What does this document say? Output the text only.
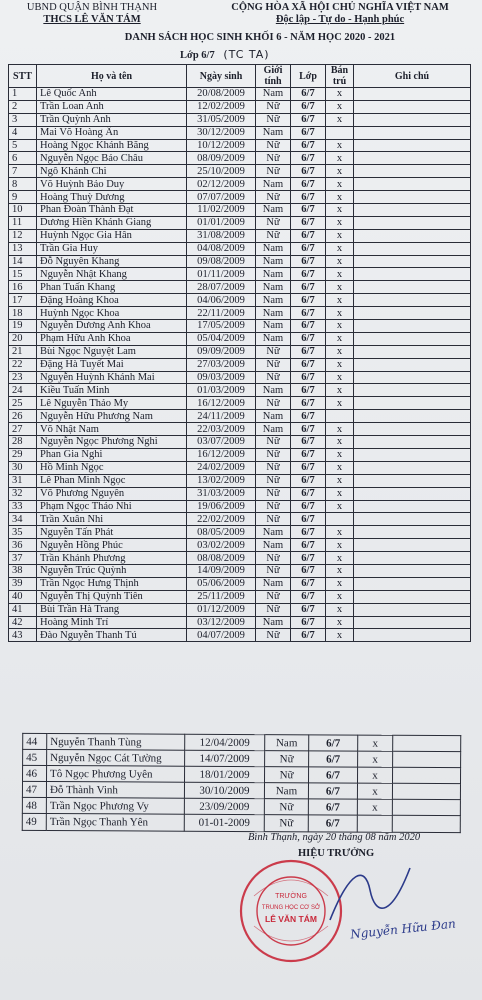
UBND QUẬN BÌNH THẠNH
THCS LÊ VĂN TÁM
CỘNG HÒA XÃ HỘI CHỦ NGHĨA VIỆT NAM
Độc lập - Tự do - Hạnh phúc
DANH SÁCH HỌC SINH KHỐI 6 - NĂM HỌC 2020 - 2021
Lớp 6/7 (TC TA)
STT	Họ và tên	Ngày sinh	Giới tính	Lớp	Bán trú	Ghi chú
1	Lê Quốc Anh	20/08/2009	Nam	6/7	x	
2	Trần Loan Anh	12/02/2009	Nữ	6/7	x	
3	Trần Quỳnh Anh	31/05/2009	Nữ	6/7	x	
4	Mai Võ Hoàng Ân	30/12/2009	Nam	6/7		
5	Hoàng Ngọc Khánh Băng	10/12/2009	Nữ	6/7	x	
6	Nguyễn Ngọc Bảo Châu	08/09/2009	Nữ	6/7	x	
7	Ngô Khánh Chi	25/10/2009	Nữ	6/7	x	
8	Võ Huỳnh Bảo Duy	02/12/2009	Nam	6/7	x	
9	Hoàng Thuỳ Dương	07/07/2009	Nữ	6/7	x	
10	Phan Đoàn Thành Đạt	11/02/2009	Nam	6/7	x	
11	Dương Hiền Khánh Giang	01/01/2009	Nữ	6/7	x	
12	Huỳnh Ngọc Gia Hân	31/08/2009	Nữ	6/7	x	
13	Trần Gia Huy	04/08/2009	Nam	6/7	x	
14	Đỗ Nguyên Khang	09/08/2009	Nam	6/7	x	
15	Nguyễn Nhật Khang	01/11/2009	Nam	6/7	x	
16	Phan Tuấn Khang	28/07/2009	Nam	6/7	x	
17	Đặng Hoàng Khoa	04/06/2009	Nam	6/7	x	
18	Huỳnh Ngọc Khoa	22/11/2009	Nam	6/7	x	
19	Nguyễn Dương Anh Khoa	17/05/2009	Nam	6/7	x	
20	Phạm Hữu Anh Khoa	05/04/2009	Nam	6/7	x	
21	Bùi Ngọc Nguyệt Lam	09/09/2009	Nữ	6/7	x	
22	Đặng Hà Tuyết Mai	27/03/2009	Nữ	6/7	x	
23	Nguyễn Huỳnh Khánh Mai	09/03/2009	Nữ	6/7	x	
24	Kiều Tuấn Minh	01/03/2009	Nam	6/7	x	
25	Lê Nguyễn Thảo My	16/12/2009	Nữ	6/7	x	
26	Nguyễn Hữu Phương Nam	24/11/2009	Nam	6/7		
27	Võ Nhật Nam	22/03/2009	Nam	6/7	x	
28	Nguyễn Ngọc Phương Nghi	03/07/2009	Nữ	6/7	x	
29	Phan Gia Nghi	16/12/2009	Nữ	6/7	x	
30	Hồ Minh Ngọc	24/02/2009	Nữ	6/7	x	
31	Lê Phan Minh Ngọc	13/02/2009	Nữ	6/7	x	
32	Võ Phương Nguyên	31/03/2009	Nữ	6/7	x	
33	Phạm Ngọc Thảo Nhi	19/06/2009	Nữ	6/7	x	
34	Trần Xuân Nhi	22/02/2009	Nữ	6/7		
35	Nguyễn Tấn Phát	08/05/2009	Nam	6/7	x	
36	Nguyễn Hồng Phúc	03/02/2009	Nam	6/7	x	
37	Trần Khánh Phương	08/08/2009	Nữ	6/7	x	
38	Nguyễn Trúc Quỳnh	14/09/2009	Nữ	6/7	x	
39	Trần Ngọc Hưng Thịnh	05/06/2009	Nam	6/7	x	
40	Nguyễn Thị Quỳnh Tiên	25/11/2009	Nữ	6/7	x	
41	Bùi Trần Hà Trang	01/12/2009	Nữ	6/7	x	
42	Hoàng Minh Trí	03/12/2009	Nam	6/7	x	
43	Đào Nguyễn Thanh Tú	04/07/2009	Nữ	6/7	x	
44	Nguyễn Thanh Tùng	12/04/2009	Nam	6/7	x	
45	Nguyễn Ngọc Cát Tường	14/07/2009	Nữ	6/7	x	
46	Tô Ngọc Phương Uyên	18/01/2009	Nữ	6/7	x	
47	Đỗ Thành Vinh	30/10/2009	Nam	6/7	x	
48	Trần Ngọc Phương Vy	23/09/2009	Nữ	6/7	x	
49	Trần Ngọc Thanh Yên	01-01-2009	Nữ	6/7		
Bình Thạnh, ngày 20 tháng 08 năm 2020
HIỆU TRƯỞNG
TRƯỜNG
TRUNG HỌC CƠ SỞ
LÊ VĂN TÁM	Nguyễn Hữu Đan
